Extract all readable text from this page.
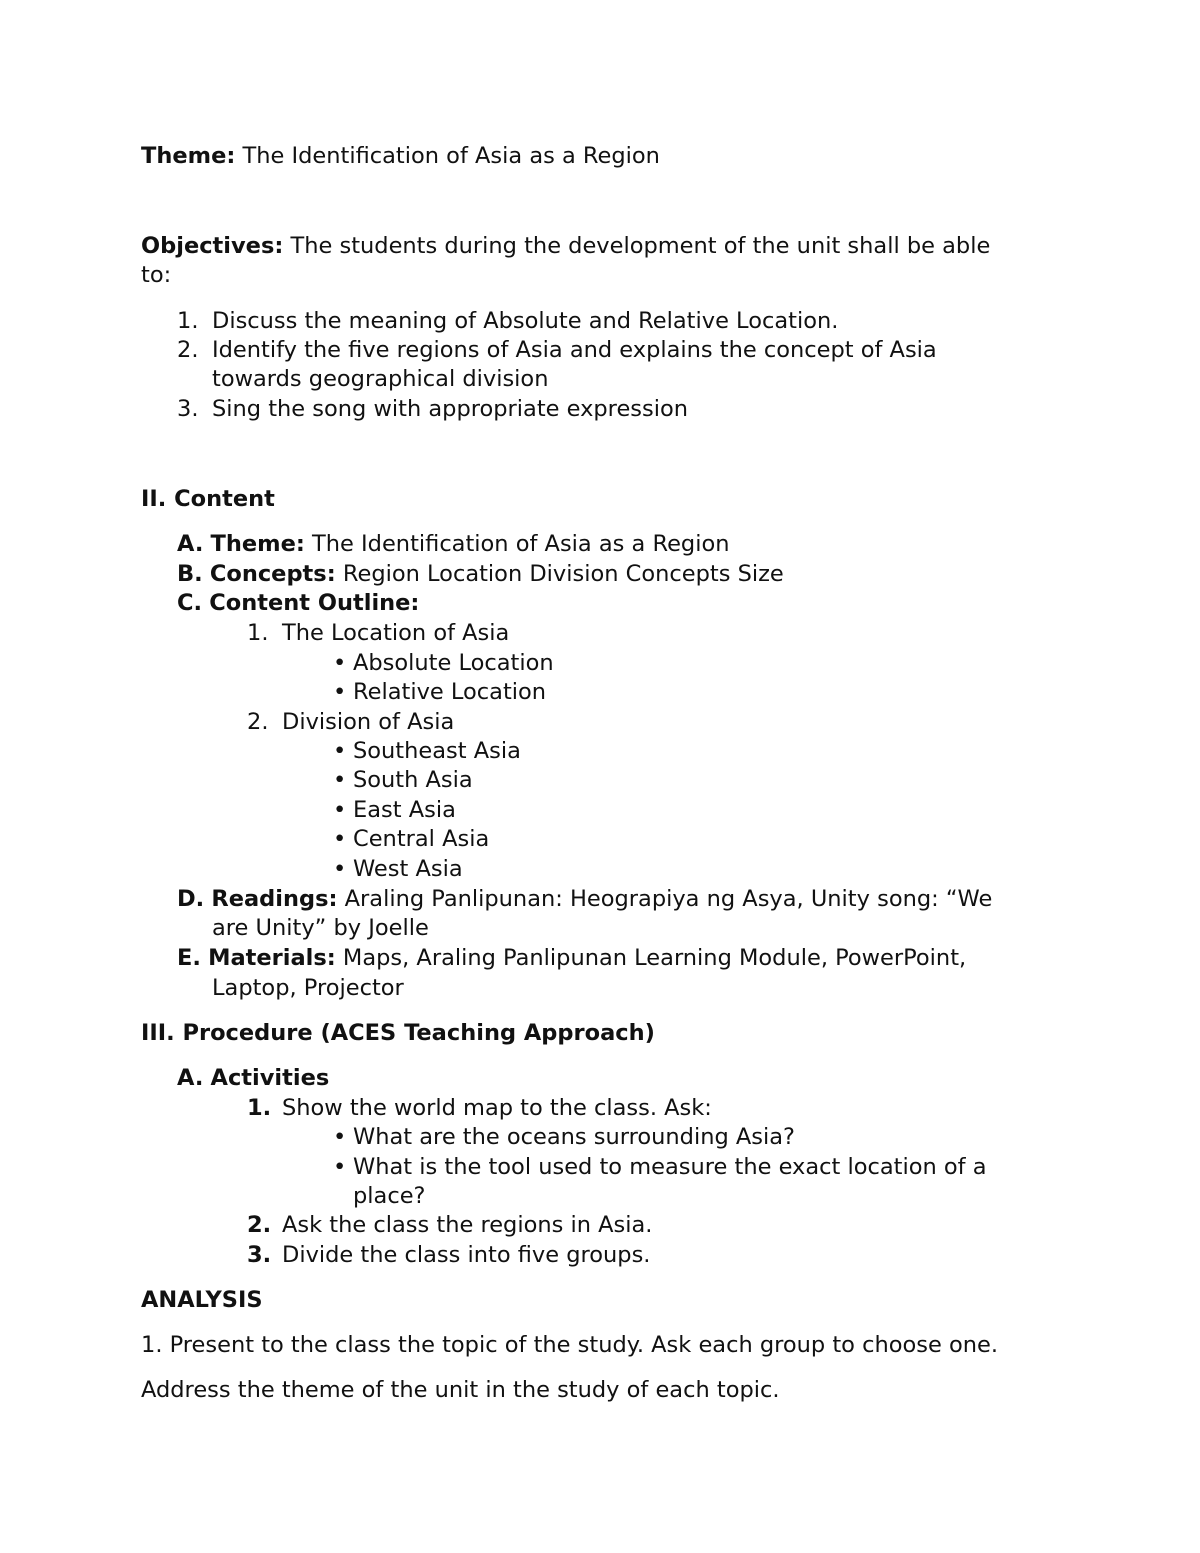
Theme: The Identification of Asia as a Region
Objectives: The students during the development of the unit shall be able
to:
1. Discuss the meaning of Absolute and Relative Location.
2. Identify the five regions of Asia and explains the concept of Asia
towards geographical division
3. Sing the song with appropriate expression
II. Content
A. Theme: The Identification of Asia as a Region
B. Concepts: Region Location Division Concepts Size
C. Content Outline:
1. The Location of Asia
• Absolute Location
• Relative Location
2. Division of Asia
• Southeast Asia
• South Asia
• East Asia
• Central Asia
• West Asia
D. Readings: Araling Panlipunan: Heograpiya ng Asya, Unity song: “We
are Unity” by Joelle
E. Materials: Maps, Araling Panlipunan Learning Module, PowerPoint,
Laptop, Projector
III. Procedure (ACES Teaching Approach)
A. Activities
1. Show the world map to the class. Ask:
• What are the oceans surrounding Asia?
• What is the tool used to measure the exact location of a
place?
2. Ask the class the regions in Asia.
3. Divide the class into five groups.
ANALYSIS
1. Present to the class the topic of the study. Ask each group to choose one.
Address the theme of the unit in the study of each topic.
